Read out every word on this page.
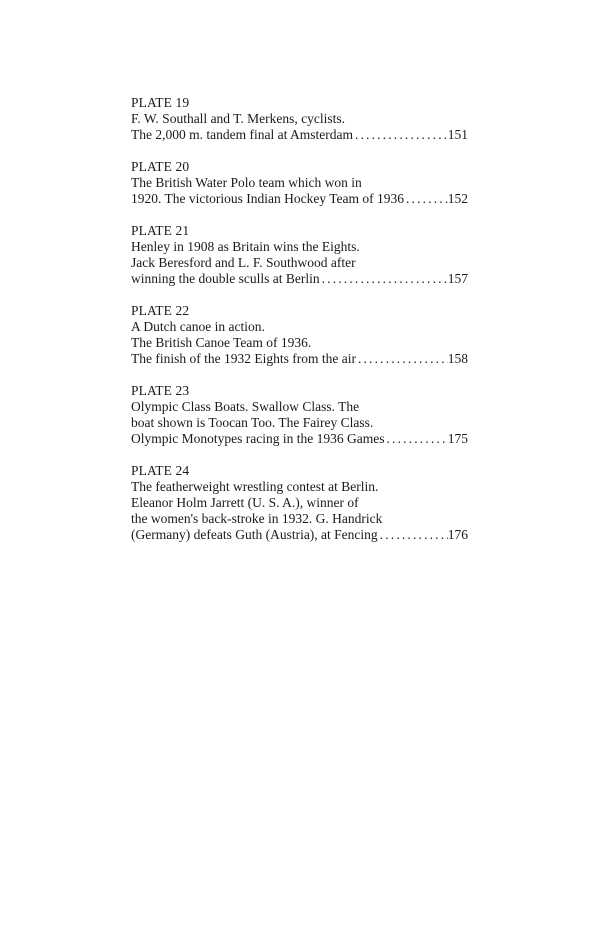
PLATE 19
F. W. Southall and T. Merkens, cyclists.
The 2,000 m. tandem final at Amsterdam . . .	151
PLATE 20
The British Water Polo team which won in
1920. The victorious Indian Hockey Team of 1936 . . .	152
PLATE 21
Henley in 1908 as Britain wins the Eights.
Jack Beresford and L. F. Southwood after
winning the double sculls at Berlin . . .	157
PLATE 22
A Dutch canoe in action.
The British Canoe Team of 1936.
The finish of the 1932 Eights from the air . . .	158
PLATE 23
Olympic Class Boats. Swallow Class. The
boat shown is Toocan Too. The Fairey Class.
Olympic Monotypes racing in the 1936 Games . . .	175
PLATE 24
The featherweight wrestling contest at Berlin.
Eleanor Holm Jarrett (U. S. A.), winner of
the women's back-stroke in 1932. G. Handrick
(Germany) defeats Guth (Austria), at Fencing . . .	176
